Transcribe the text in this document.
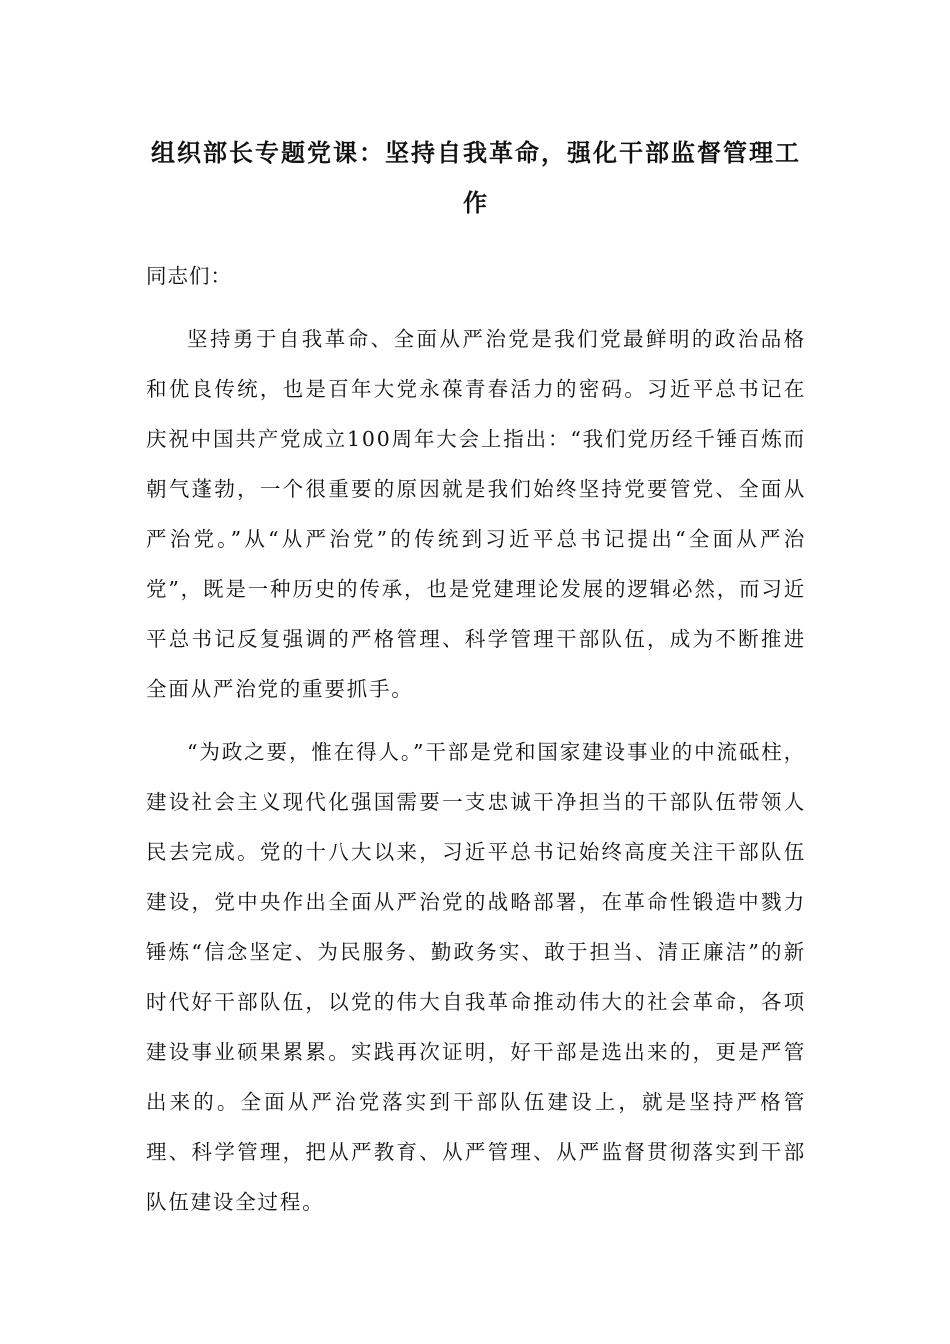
组织部长专题党课：坚持自我革命，强化干部监督管理工作

同志们：

坚持勇于自我革命、全面从严治党是我们党最鲜明的政治品格和优良传统，也是百年大党永葆青春活力的密码。习近平总书记在庆祝中国共产党成立100周年大会上指出：“我们党历经千锤百炼而朝气蓬勃，一个很重要的原因就是我们始终坚持党要管党、全面从严治党。”从“从严治党”的传统到习近平总书记提出“全面从严治党”，既是一种历史的传承，也是党建理论发展的逻辑必然，而习近平总书记反复强调的严格管理、科学管理干部队伍，成为不断推进全面从严治党的重要抓手。

“为政之要，惟在得人。”干部是党和国家建设事业的中流砥柱，建设社会主义现代化强国需要一支忠诚干净担当的干部队伍带领人民去完成。党的十八大以来，习近平总书记始终高度关注干部队伍建设，党中央作出全面从严治党的战略部署，在革命性锻造中戮力锤炼“信念坚定、为民服务、勤政务实、敢于担当、清正廉洁”的新时代好干部队伍，以党的伟大自我革命推动伟大的社会革命，各项建设事业硕果累累。实践再次证明，好干部是选出来的，更是严管出来的。全面从严治党落实到干部队伍建设上，就是坚持严格管理、科学管理，把从严教育、从严管理、从严监督贯彻落实到干部队伍建设全过程。
